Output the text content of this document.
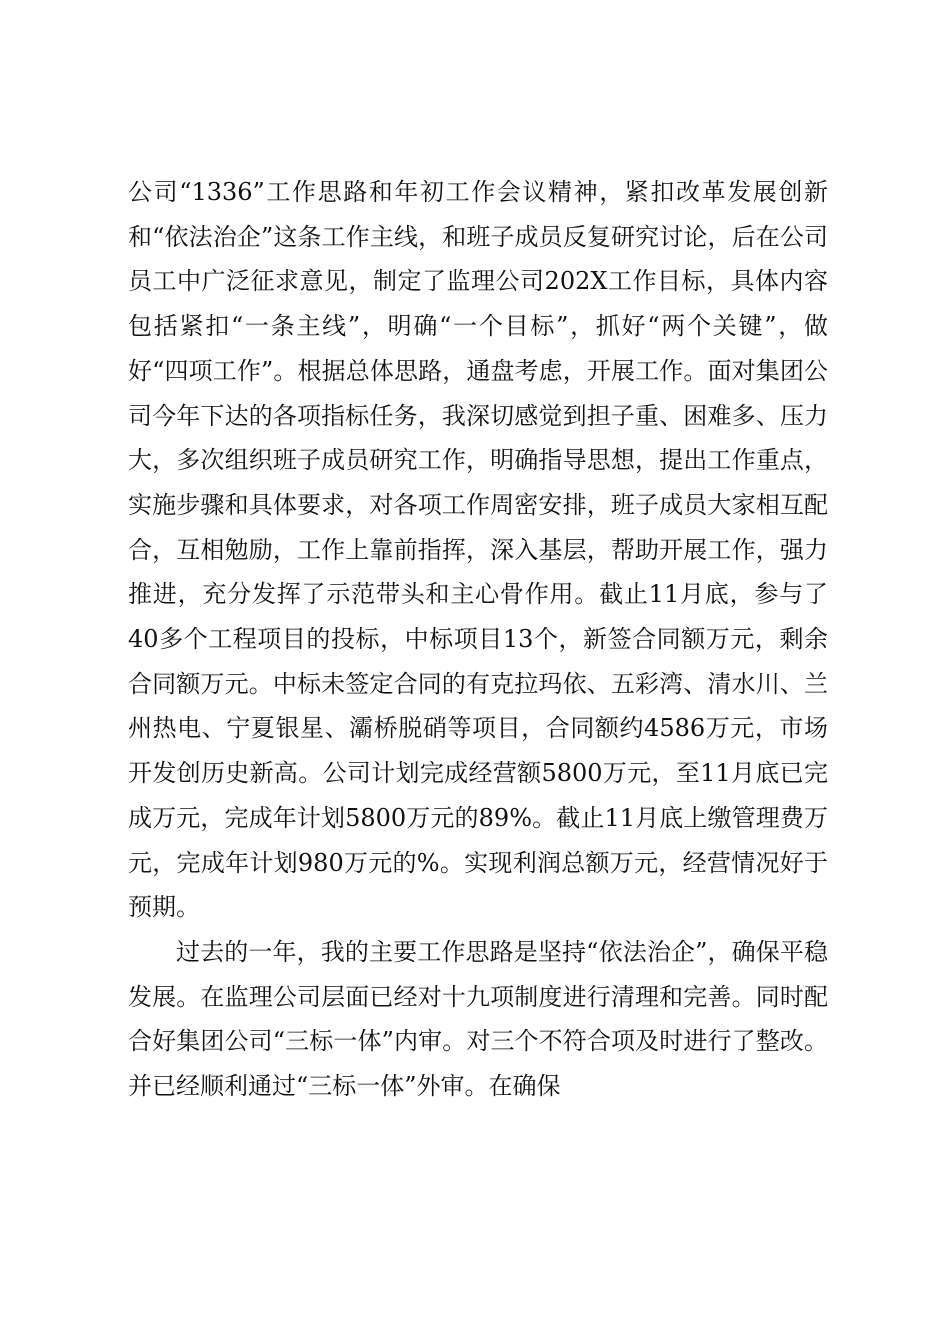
公司“1336”工作思路和年初工作会议精神，紧扣改革发展创新和“依法治企”这条工作主线，和班子成员反复研究讨论，后在公司员工中广泛征求意见，制定了监理公司202X工作目标，具体内容包括紧扣“一条主线”，明确“一个目标”，抓好“两个关键”，做好“四项工作”。根据总体思路，通盘考虑，开展工作。面对集团公司今年下达的各项指标任务，我深切感觉到担子重、困难多、压力大，多次组织班子成员研究工作，明确指导思想，提出工作重点，实施步骤和具体要求，对各项工作周密安排，班子成员大家相互配合，互相勉励，工作上靠前指挥，深入基层，帮助开展工作，强力推进，充分发挥了示范带头和主心骨作用。截止11月底，参与了40多个工程项目的投标，中标项目13个，新签合同额万元，剩余合同额万元。中标未签定合同的有克拉玛依、五彩湾、清水川、兰州热电、宁夏银星、灞桥脱硝等项目，合同额约4586万元，市场开发创历史新高。公司计划完成经营额5800万元，至11月底已完成万元，完成年计划5800万元的89%。截止11月底上缴管理费万元，完成年计划980万元的%。实现利润总额万元，经营情况好于预期。

过去的一年，我的主要工作思路是坚持“依法治企”，确保平稳发展。在监理公司层面已经对十九项制度进行清理和完善。同时配合好集团公司“三标一体”内审。对三个不符合项及时进行了整改。并已经顺利通过“三标一体”外审。在确保
